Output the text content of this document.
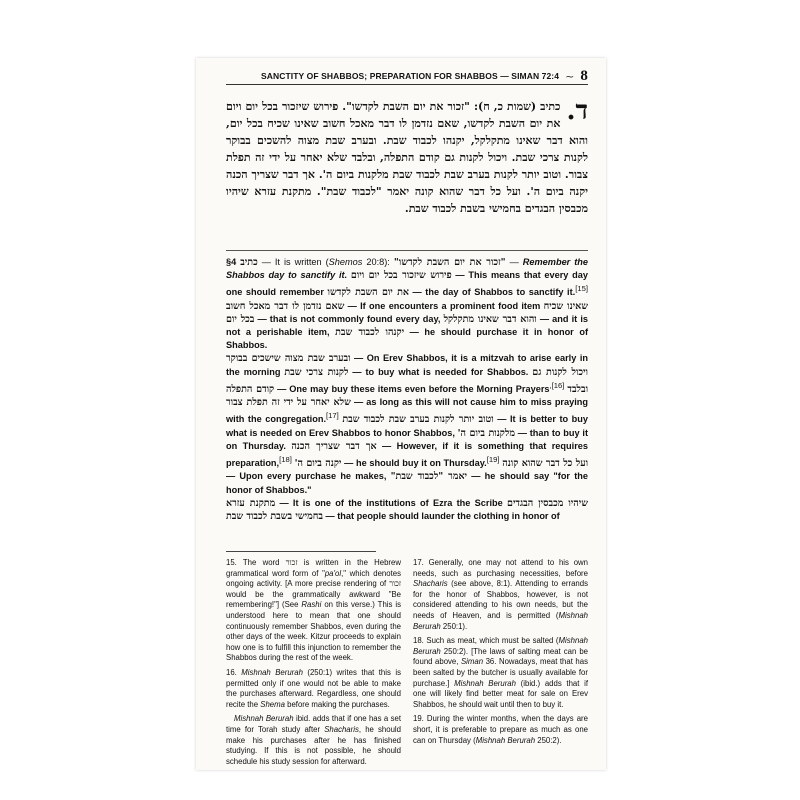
SANCTITY OF SHABBOS; PREPARATION FOR SHABBOS — SIMAN 72:4 ~ 8
ד.
כתיב (שמות כ, ח): "זכור את יום השבת לקדשו". פירוש שיזכור בכל יום ויום את יום השבת לקדשו, שאם נזדמן לו דבר מאכל חשוב שאינו שכיח בכל יום, והוא דבר שאינו מתקלקל, יקנהו לכבוד שבת. ובערב שבת מצוה להשכים בבוקר לקנות צרכי שבת. ויכול לקנות גם קודם התפלה, ובלבד שלא יאחר על ידי זה תפלת צבור. וטוב יותר לקנות בערב שבת לכבוד שבת מלקנות ביום ה'. אך דבר שצריך הכנה יקנה ביום ה'. ועל כל דבר שהוא קונה יאמר "לכבוד שבת". מתקנת עזרא שיהיו מכבסין הבגדים בחמישי בשבת לכבוד שבת.

§4 כתיב — It is written (Shemos 20:8): "זכור את יום השבת לקדשו" — Remember the Shabbos day to sanctify it. פירוש שיזכור בכל יום ויום — This means that every day one should remember את יום השבת לקדשו — the day of Shabbos to sanctify it.[15] שאם נזדמן לו דבר מאכל חשוב — If one encounters a prominent food item שאינו שכיח בכל יום — that is not commonly found every day, והוא דבר שאינו מתקלקל — and it is not a perishable item, יקנהו לכבוד שבת — he should purchase it in honor of Shabbos.

ובערב שבת מצוה שישכים בבוקר — On Erev Shabbos, it is a mitzvah to arise early in the morning לקנות צרכי שבת — to buy what is needed for Shabbos. ויכול לקנות גם קודם התפלה — One may buy these items even before the Morning Prayers$^{,[16]}$ ובלבד שלא יאחר על ידי זה תפלת צבור — as long as this will not cause him to miss praying with the congregation.[17] וטוב יותר לקנות בערב שבת לכבוד שבת — It is better to buy what is needed on Erev Shabbos to honor Shabbos, מלקנות ביום ה' — than to buy it on Thursday. אך דבר שצריך הכנה — However, if it is something that requires preparation,[18] יקנה ביום ה' — he should buy it on Thursday.[19] ועל כל דבר שהוא קונה — Upon every purchase he makes, יאמר "לכבוד שבת" — he should say "for the honor of Shabbos."

מתקנת עזרא — It is one of the institutions of Ezra the Scribe שיהיו מכבסין הבגדים בחמישי בשבת לכבוד שבת — that people should launder the clothing in honor of

15. The word זכור is written in the Hebrew grammatical word form of "pa'ol," which denotes ongoing activity. [A more precise rendering of זכור would be the grammatically awkward "Be remembering!"] (See Rashi on this verse.) This is understood here to mean that one should continuously remember Shabbos, even during the other days of the week. Kitzur proceeds to explain how one is to fulfill this injunction to remember the Shabbos during the rest of the week.

16. Mishnah Berurah (250:1) writes that this is permitted only if one would not be able to make the purchases afterward. Regardless, one should recite the Shema before making the purchases.

Mishnah Berurah ibid. adds that if one has a set time for Torah study after Shacharis, he should make his purchases after he has finished studying. If this is not possible, he should schedule his study session for afterward.

17. Generally, one may not attend to his own needs, such as purchasing necessities, before Shacharis (see above, 8:1). Attending to errands for the honor of Shabbos, however, is not considered attending to his own needs, but the needs of Heaven, and is permitted (Mishnah Berurah 250:1).

18. Such as meat, which must be salted (Mishnah Berurah 250:2). [The laws of salting meat can be found above, Siman 36. Nowadays, meat that has been salted by the butcher is usually available for purchase.] Mishnah Berurah (ibid.) adds that if one will likely find better meat for sale on Erev Shabbos, he should wait until then to buy it.

19. During the winter months, when the days are short, it is preferable to prepare as much as one can on Thursday (Mishnah Berurah 250:2).
